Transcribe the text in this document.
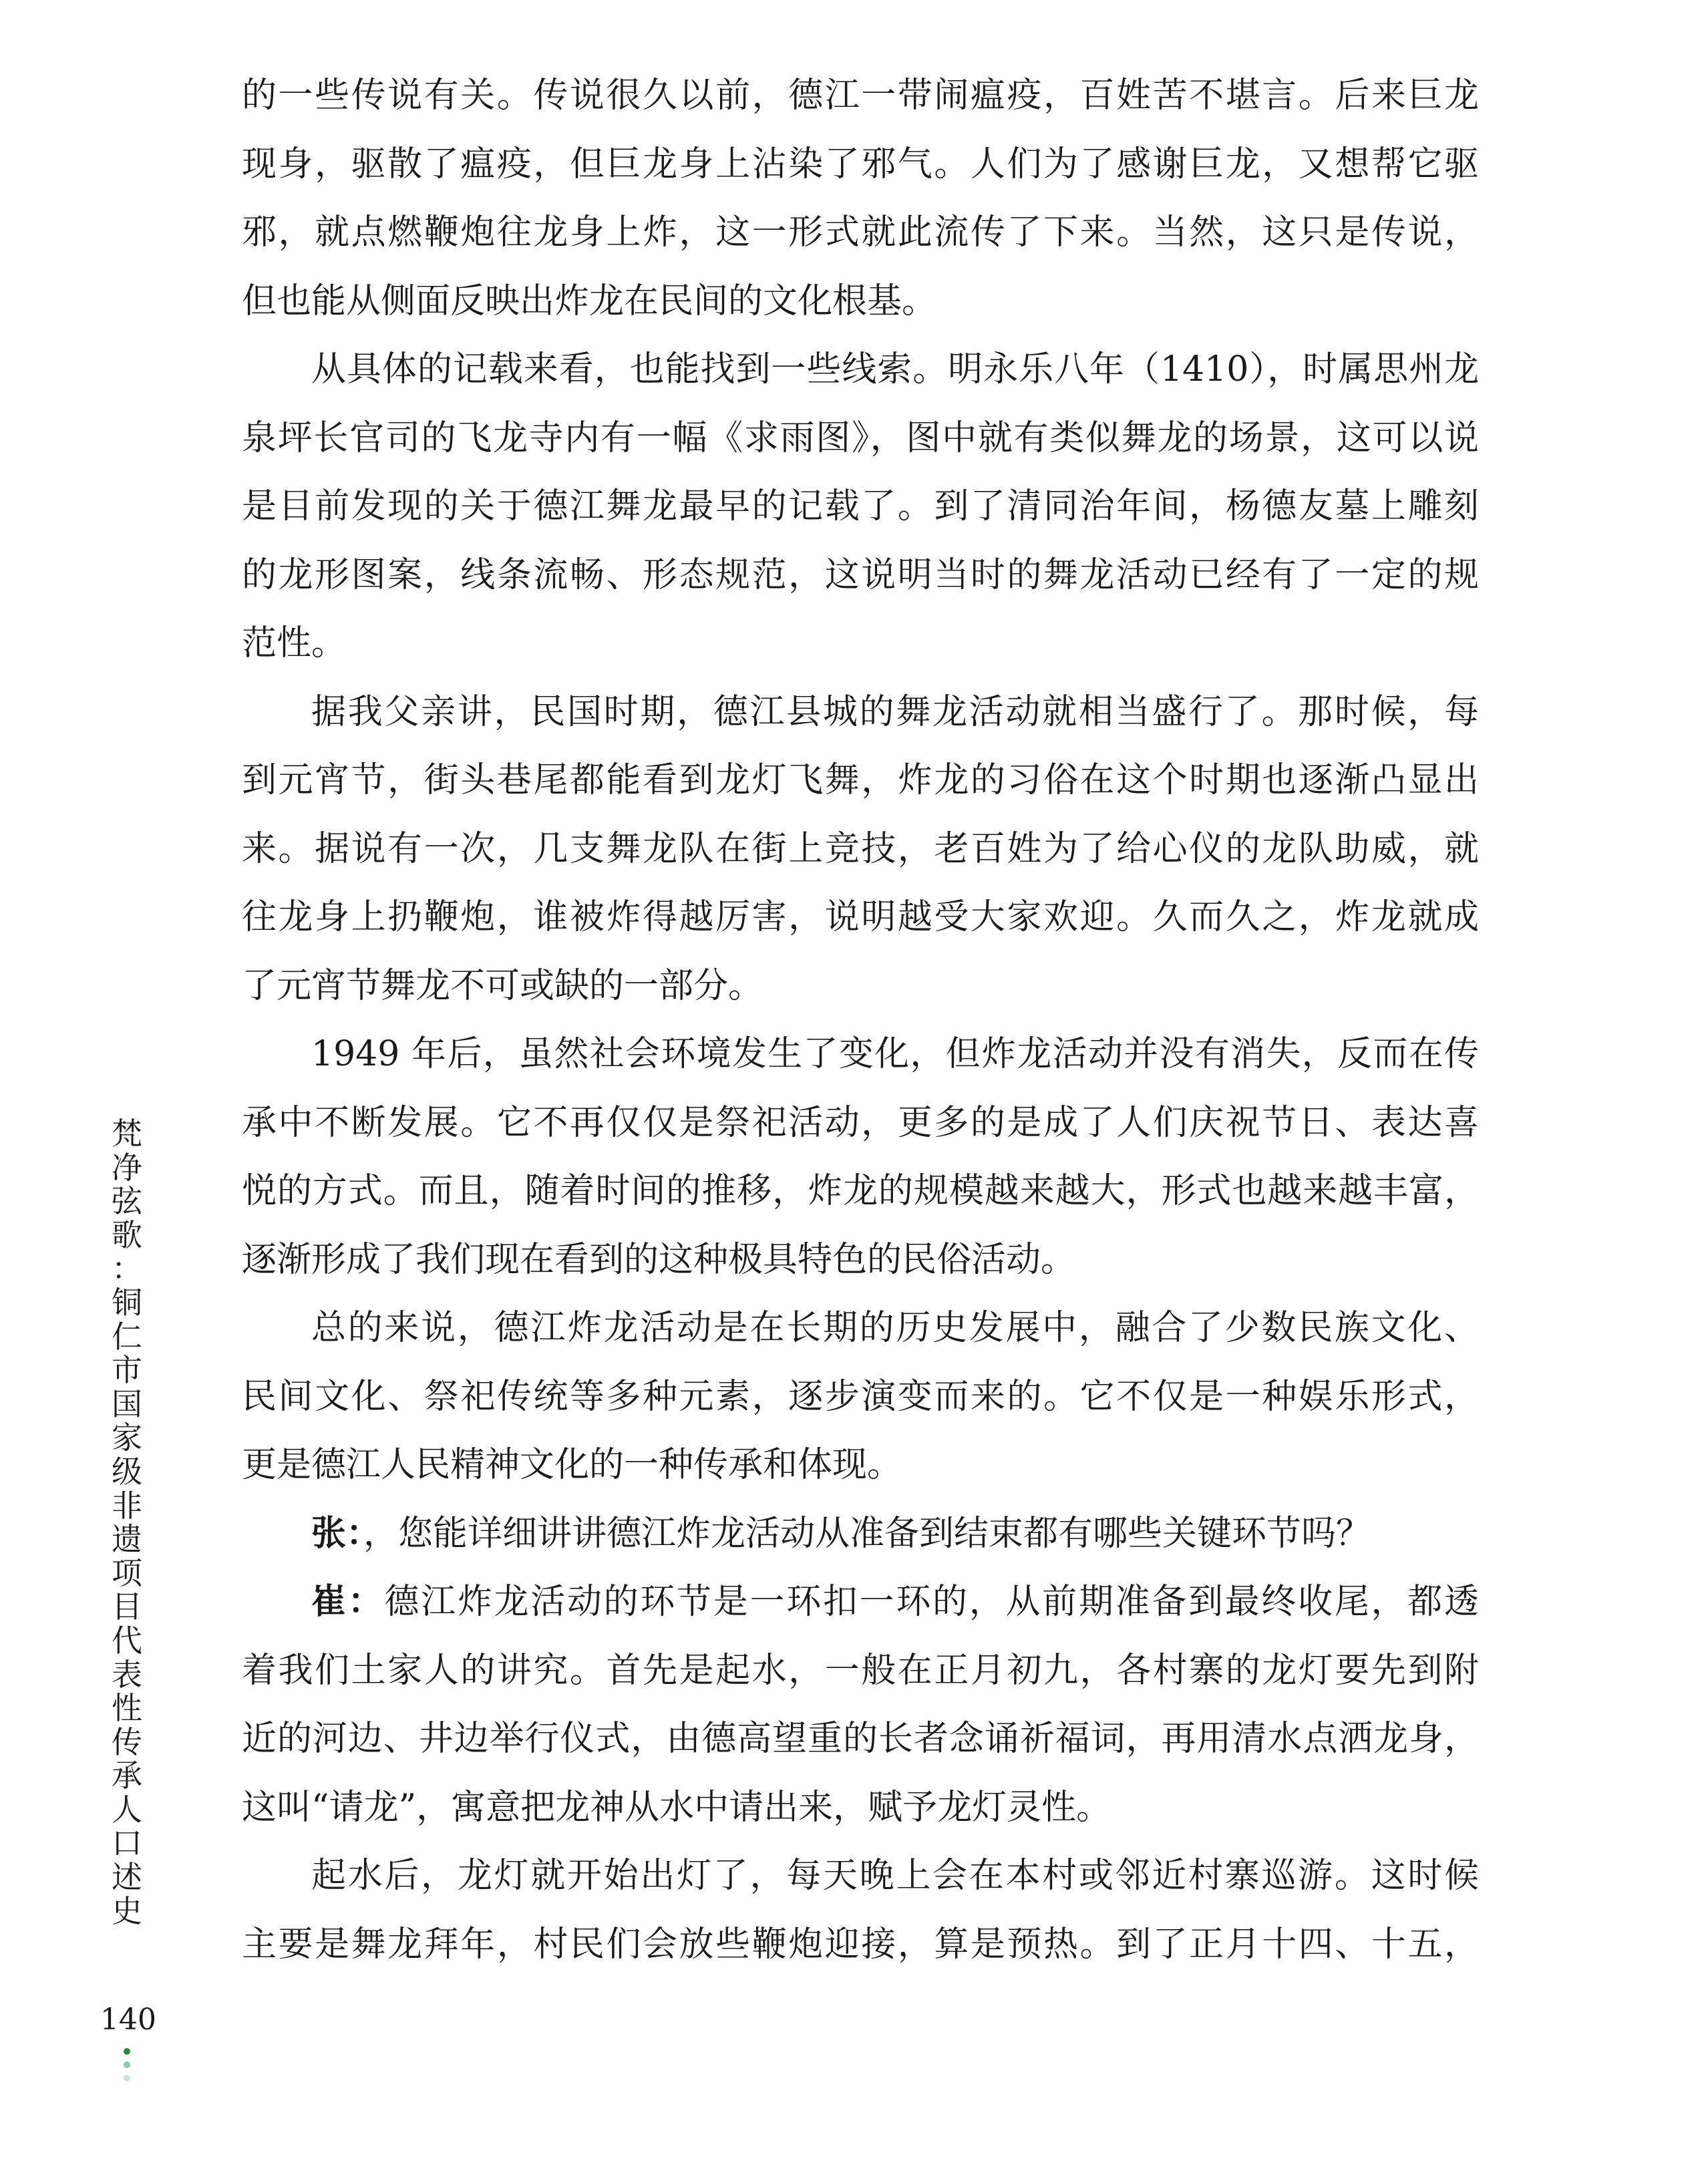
的一些传说有关。传说很久以前，德江一带闹瘟疫，百姓苦不堪言。后来巨龙
现身，驱散了瘟疫，但巨龙身上沾染了邪气。人们为了感谢巨龙，又想帮它驱
邪，就点燃鞭炮往龙身上炸，这一形式就此流传了下来。当然，这只是传说，
但也能从侧面反映出炸龙在民间的文化根基。
从具体的记载来看，也能找到一些线索。明永乐八年（1410），时属思州龙
泉坪长官司的飞龙寺内有一幅《求雨图》，图中就有类似舞龙的场景，这可以说
是目前发现的关于德江舞龙最早的记载了。到了清同治年间，杨德友墓上雕刻
的龙形图案，线条流畅、形态规范，这说明当时的舞龙活动已经有了一定的规
范性。
据我父亲讲，民国时期，德江县城的舞龙活动就相当盛行了。那时候，每
到元宵节，街头巷尾都能看到龙灯飞舞，炸龙的习俗在这个时期也逐渐凸显出
来。据说有一次，几支舞龙队在街上竞技，老百姓为了给心仪的龙队助威，就
往龙身上扔鞭炮，谁被炸得越厉害，说明越受大家欢迎。久而久之，炸龙就成
了元宵节舞龙不可或缺的一部分。
1949 年后，虽然社会环境发生了变化，但炸龙活动并没有消失，反而在传
承中不断发展。它不再仅仅是祭祀活动，更多的是成了人们庆祝节日、表达喜
悦的方式。而且，随着时间的推移，炸龙的规模越来越大，形式也越来越丰富，
逐渐形成了我们现在看到的这种极具特色的民俗活动。
总的来说，德江炸龙活动是在长期的历史发展中，融合了少数民族文化、
民间文化、祭祀传统等多种元素，逐步演变而来的。它不仅是一种娱乐形式，
更是德江人民精神文化的一种传承和体现。
张：，您能详细讲讲德江炸龙活动从准备到结束都有哪些关键环节吗？
崔：德江炸龙活动的环节是一环扣一环的，从前期准备到最终收尾，都透
着我们土家人的讲究。首先是起水，一般在正月初九，各村寨的龙灯要先到附
近的河边、井边举行仪式，由德高望重的长者念诵祈福词，再用清水点洒龙身，
这叫“请龙”，寓意把龙神从水中请出来，赋予龙灯灵性。
起水后，龙灯就开始出灯了，每天晚上会在本村或邻近村寨巡游。这时候
主要是舞龙拜年，村民们会放些鞭炮迎接，算是预热。到了正月十四、十五，
梵
净
弦
歌
：
铜
仁
市
国
家
级
非
遗
项
目
代
表
性
传
承
人
口
述
史
140
